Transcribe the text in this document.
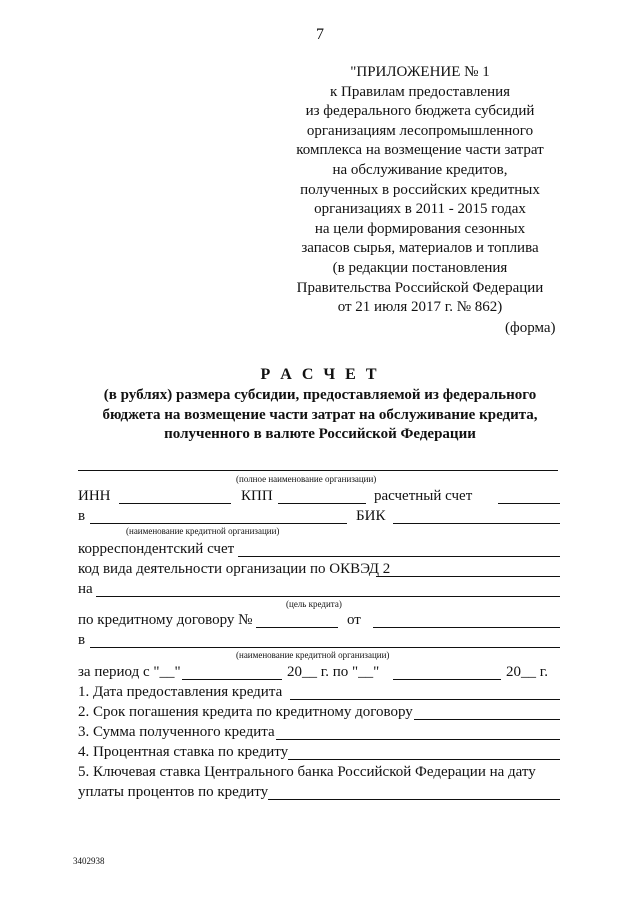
7
"ПРИЛОЖЕНИЕ № 1
к Правилам предоставления
из федерального бюджета субсидий
организациям лесопромышленного
комплекса на возмещение части затрат
на обслуживание кредитов,
полученных в российских кредитных
организациях в 2011 - 2015 годах
на цели формирования сезонных
запасов сырья, материалов и топлива
(в редакции постановления
Правительства Российской Федерации
от 21 июля 2017 г. № 862)
(форма)
Р А С Ч Е Т
(в рублях) размера субсидии, предоставляемой из федерального
бюджета на возмещение части затрат на обслуживание кредита,
полученного в валюте Российской Федерации
(полное наименование организации)
ИНН	КПП	расчетный счет
в	БИК
(наименование кредитной организации)
корреспондентский счет
код вида деятельности организации по ОКВЭД 2
на
(цель кредита)
по кредитному договору №	от
в
(наименование кредитной организации)
за период с "__"	20__ г. по "__"	20__ г.
1. Дата предоставления кредита
2. Срок погашения кредита по кредитному договору
3. Сумма полученного кредита
4. Процентная ставка по кредиту
5. Ключевая ставка Центрального банка Российской Федерации на дату
уплаты процентов по кредиту
3402938
